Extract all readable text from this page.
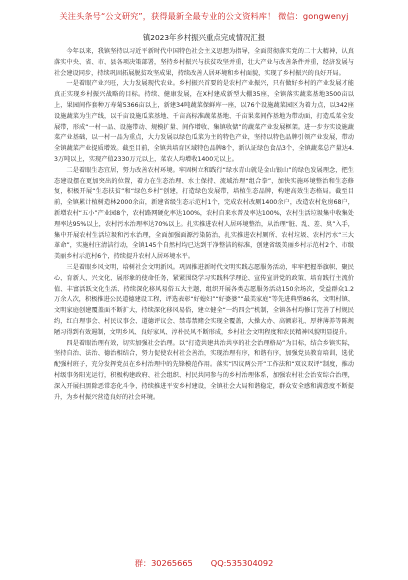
关注头条号“公文研究”，获得最新全最专业的公文资料库！ 微信：gongwenyj
镇2023年乡村振兴重点完成情况汇报

今年以来，我镇坚持以习近平新时代中国特色社会主义思想为指导，全面贯彻落实党的二十大精神，认真落实中央、省、市、县各项决策部署，坚持乡村振兴与扶贫攻坚并重，壮大产业与改善条件并重，经济发展与社会建设同步，持续巩固拓展脱贫攻坚成果，持续改善人居环境和乡村面貌，实现了乡村振兴的良好开局。

一是着眼产业兴旺，大力发展现代农业。乡村振兴首要的是农村产业振兴，只有做好乡村的产业发展才能真正实现乡村振兴战略的目标。持续、健康发展，在X村建成新型大棚35座，全镇落实蔬菜基地3500亩以上，果园间作套种万寿菊5366亩以上，新建34吨蔬菜保鲜库一座，以76个设施蔬菜园区为着力点，以342座设施蔬菜为生产线，以千亩设施瓜菜基地、千亩高标准蔬菜基地、千亩果菜间作基地为带动面，打造瓜菜全发展带，形成“一村一品、设施带动、规模扩量、间作增收、集镇收储”的蔬菜产业发展框架。进一步夯实设施蔬菜产业基础，以一村一品为重点，大力发展以绿色瓜菜为主的特色产业，坚持以特色品牌引领产业发展，带动全镇蔬菜产业提质增效。截至目前，全镇共培育区域特色品牌8个，新认证绿色食品3个，全镇蔬菜总产量达4.3万吨以上，实现产值2330万元以上，菜农人均增收1400元以上。

二是着眼生态宜居，努力改善农村环境。牢固树立和践行“绿水青山就是金山银山”的绿色发展理念，把生态建设摆在更加突出的位置，着力在生态治理、水土保持、流域治理“组合拳”，加快实施环境整治和生态修复，积极开展“生态扶贫”和“绿色乡村”创建，打造绿色发展带，培植生态品牌，构建高效生态格局。截至目前，全镇累计植树造林2000余亩，新建省级生态示范村1个，完成农村改厕1400余户，改造农村危房68户，新增农村“五小”产业园8个，农村路网硬化率达100%，农村自来水普及率达100%，农村生活垃圾集中收集处理率达95%以上，农村污水治理率达70%以上。扎实推进农村人居环境整治，从治理“脏、乱、差、臭”入手，集中开展农村生活垃圾和污水治理，全面加强面源污染防治，扎实推进农村厕所、农村垃圾、农村污水“三大革命”，实施村庄清洁行动，全镇145个自然村均已达到干净整洁的标准，创建省级美丽乡村示范村2个、市级美丽乡村示范村6个，持续提升农村人居环境水平。

三是着眼乡风文明，培树社会文明新风。巩固推进新时代文明实践志愿服务活动，牢牢把握举旗帜、聚民心、育新人、兴文化、展形象的使命任务，紧紧围绕学习实践科学理论、宣传宣讲党的政策、培育践行主流价值、丰富活跃文化生活、持续深化移风易俗五大主题，组织开展各类志愿服务活动150余场次，受益群众1.2万余人次，积极推进公民道德建设工程，评选表彰“好媳妇”“好婆婆”“最美家庭”等先进典型86名，文明村镇、文明家庭创建覆盖面不断扩大，持续深化移风易俗，建立健全“一约四会”机制，全镇各村均修订完善了村规民约，红白理事会、村民议事会、道德评议会、禁毒禁赌会实现全覆盖，大操大办、高额彩礼、厚葬薄养等陈规陋习得到有效遏制，文明乡风、良好家风、淳朴民风不断形成，乡村社会文明程度和农民精神风貌明显提升。

四是着眼治理有效，切实加强社会治理。以“打造共建共治共享的社会治理格局”为目标，结合乡镇实际，坚持自治、法治、德治相结合，努力促使农村社会善治，实现治理有序，和谐有序，加强党员教育培训，选优配强村班子，充分发挥党员在乡村治理中的先锋模范作用。落实“四议两公开”工作法和“双议双评”制度，推动村级事务阳光运行，积极构建政府、社会组织、村民共同参与的乡村治理体系，加强农村社会治安综合治理，深入开展扫黑除恶常态化斗争，持续推进平安乡村建设，全镇社会大局和谐稳定，群众安全感和满意度不断提升，为乡村振兴营造良好的社会环境。

群：30265665 QQ:535304092
